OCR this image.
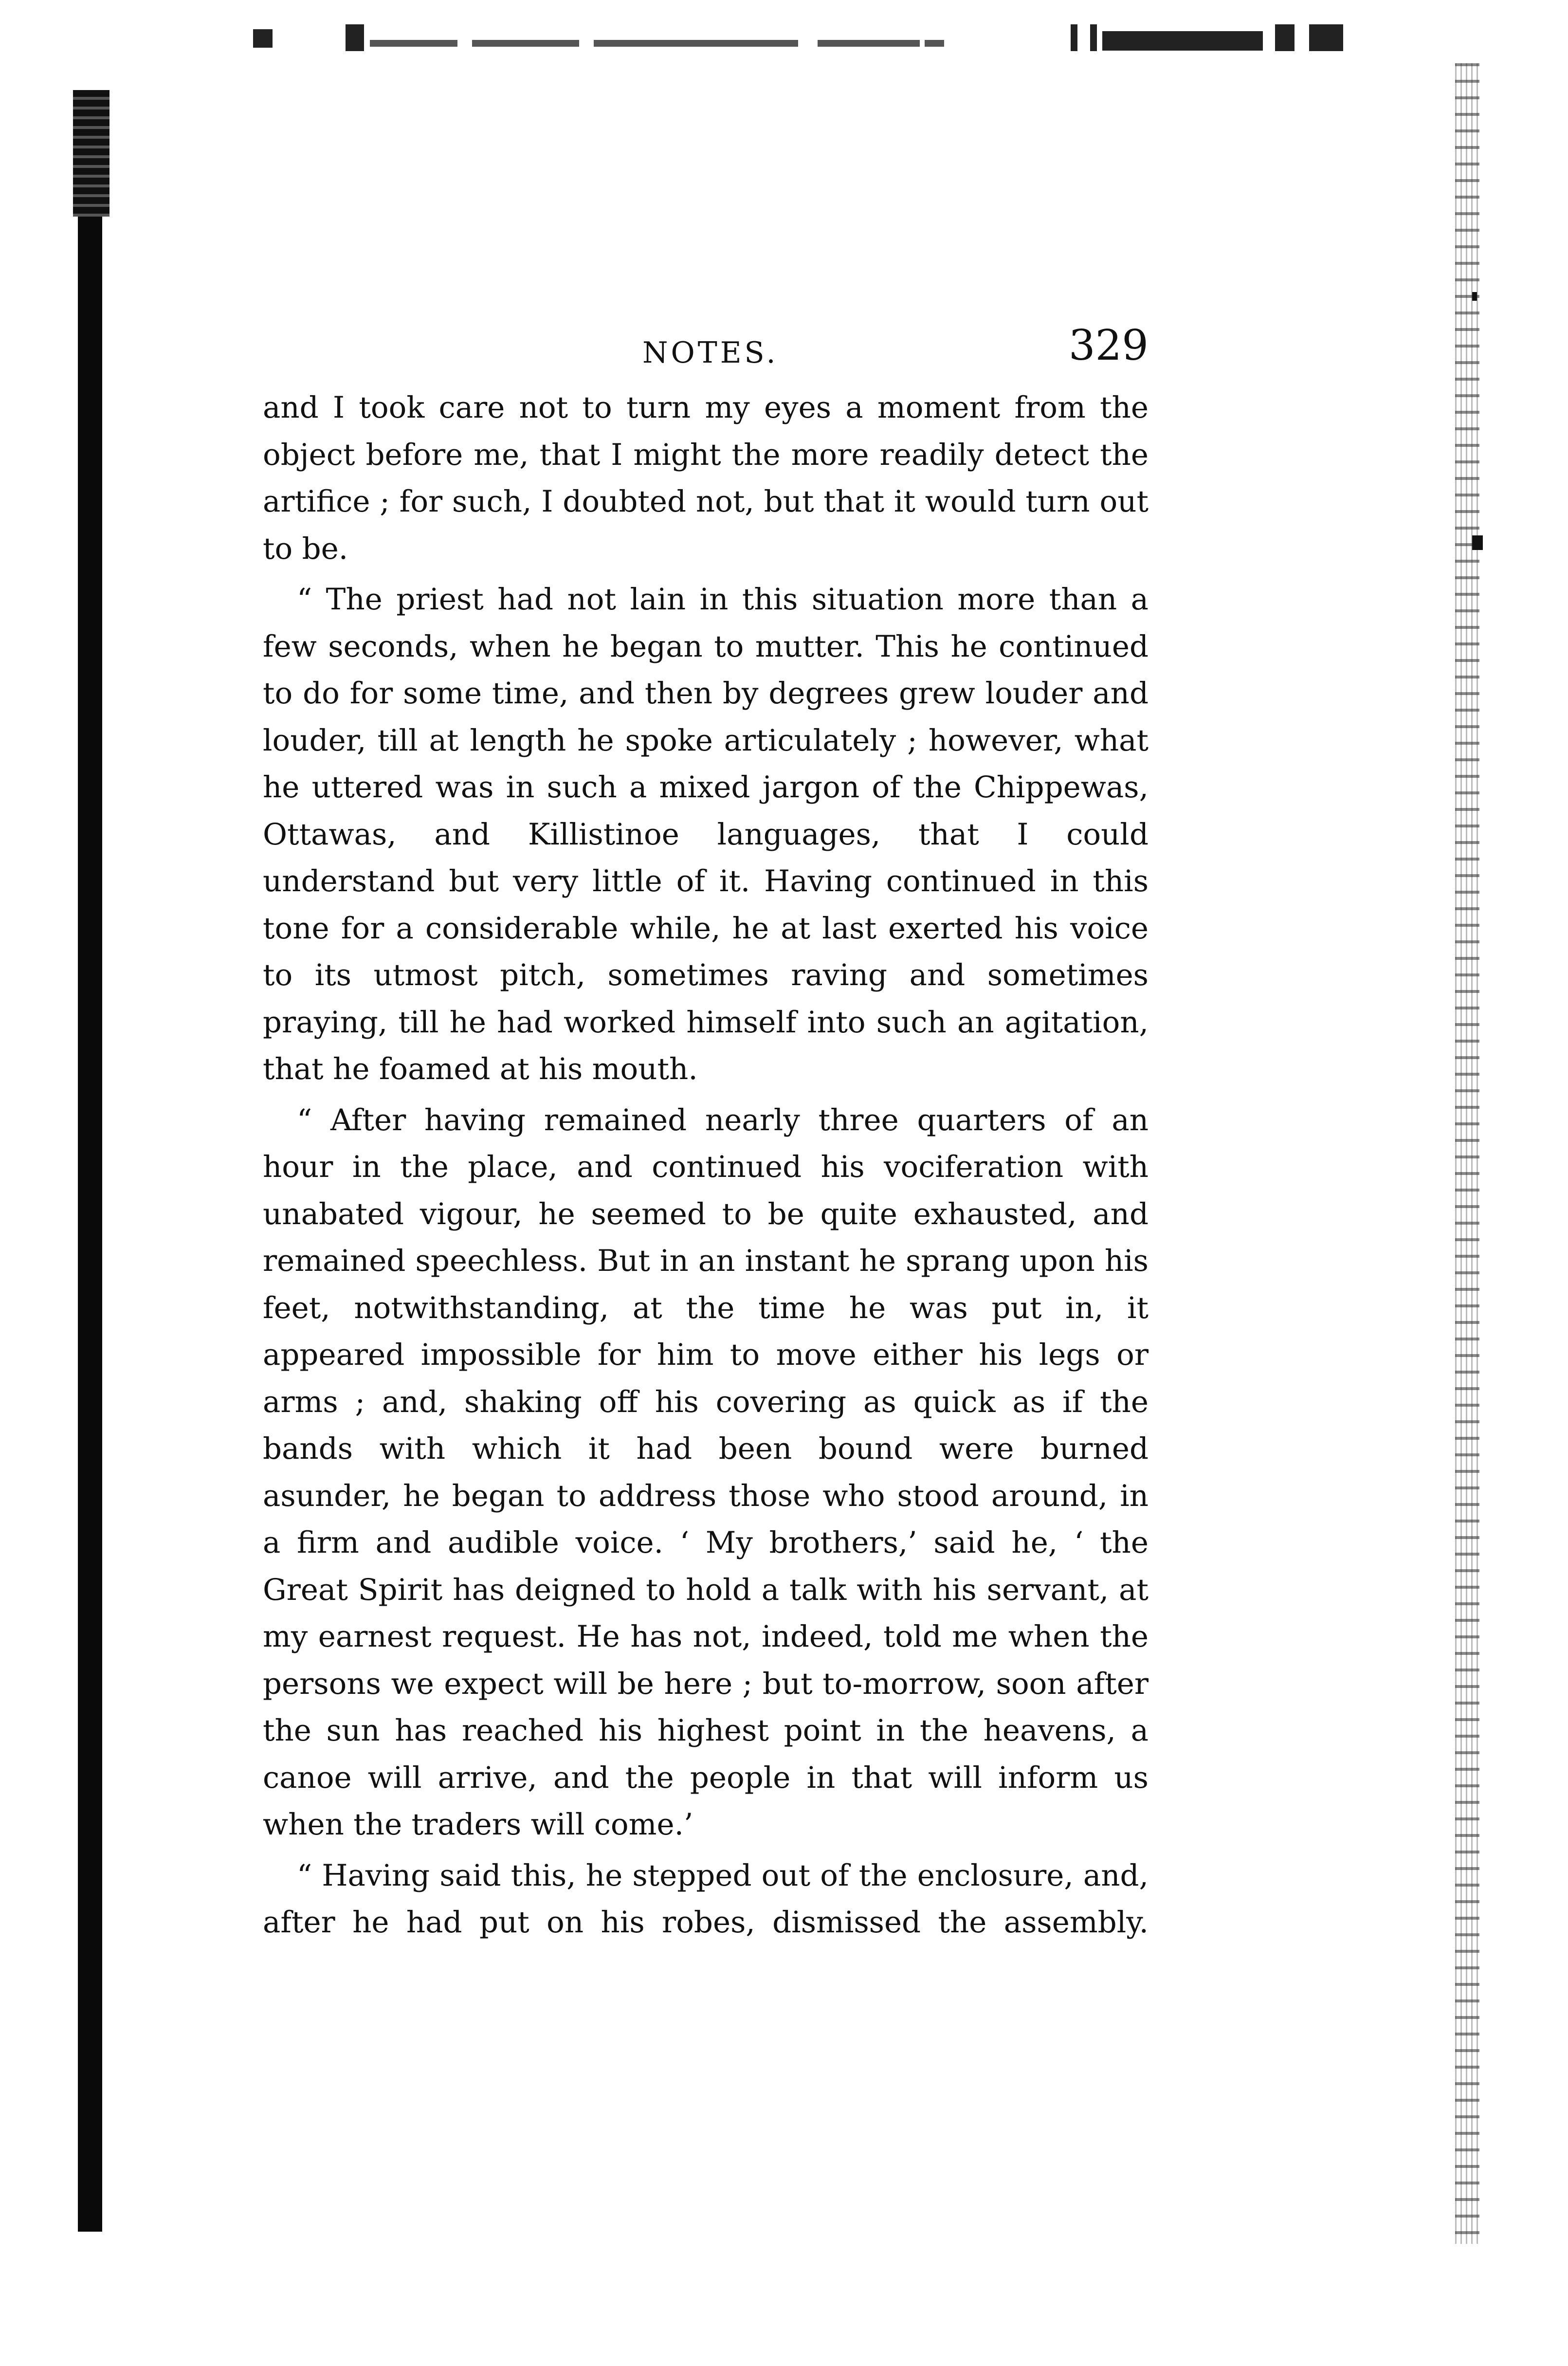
NOTES.	329

and I took care not to turn my eyes a moment from the object before me, that I might the more readily detect the artifice ; for such, I doubted not, but that it would turn out to be.

“ The priest had not lain in this situation more than a few seconds, when he began to mutter. This he continued to do for some time, and then by degrees grew louder and louder, till at length he spoke articulately ; however, what he uttered was in such a mixed jargon of the Chippewas, Ottawas, and Killistinoe languages, that I could understand but very little of it. Having continued in this tone for a considerable while, he at last exerted his voice to its utmost pitch, sometimes raving and sometimes praying, till he had worked himself into such an agitation, that he foamed at his mouth.

“ After having remained nearly three quarters of an hour in the place, and continued his vociferation with unabated vigour, he seemed to be quite exhausted, and remained speechless. But in an instant he sprang upon his feet, notwithstanding, at the time he was put in, it appeared impossible for him to move either his legs or arms ; and, shaking off his covering as quick as if the bands with which it had been bound were burned asunder, he began to address those who stood around, in a firm and audible voice. ‘ My brothers,’ said he, ‘ the Great Spirit has deigned to hold a talk with his servant, at my earnest request. He has not, indeed, told me when the persons we expect will be here ; but to-morrow, soon after the sun has reached his highest point in the heavens, a canoe will arrive, and the people in that will inform us when the traders will come.’

“ Having said this, he stepped out of the enclosure, and, after he had put on his robes, dismissed the assembly.
